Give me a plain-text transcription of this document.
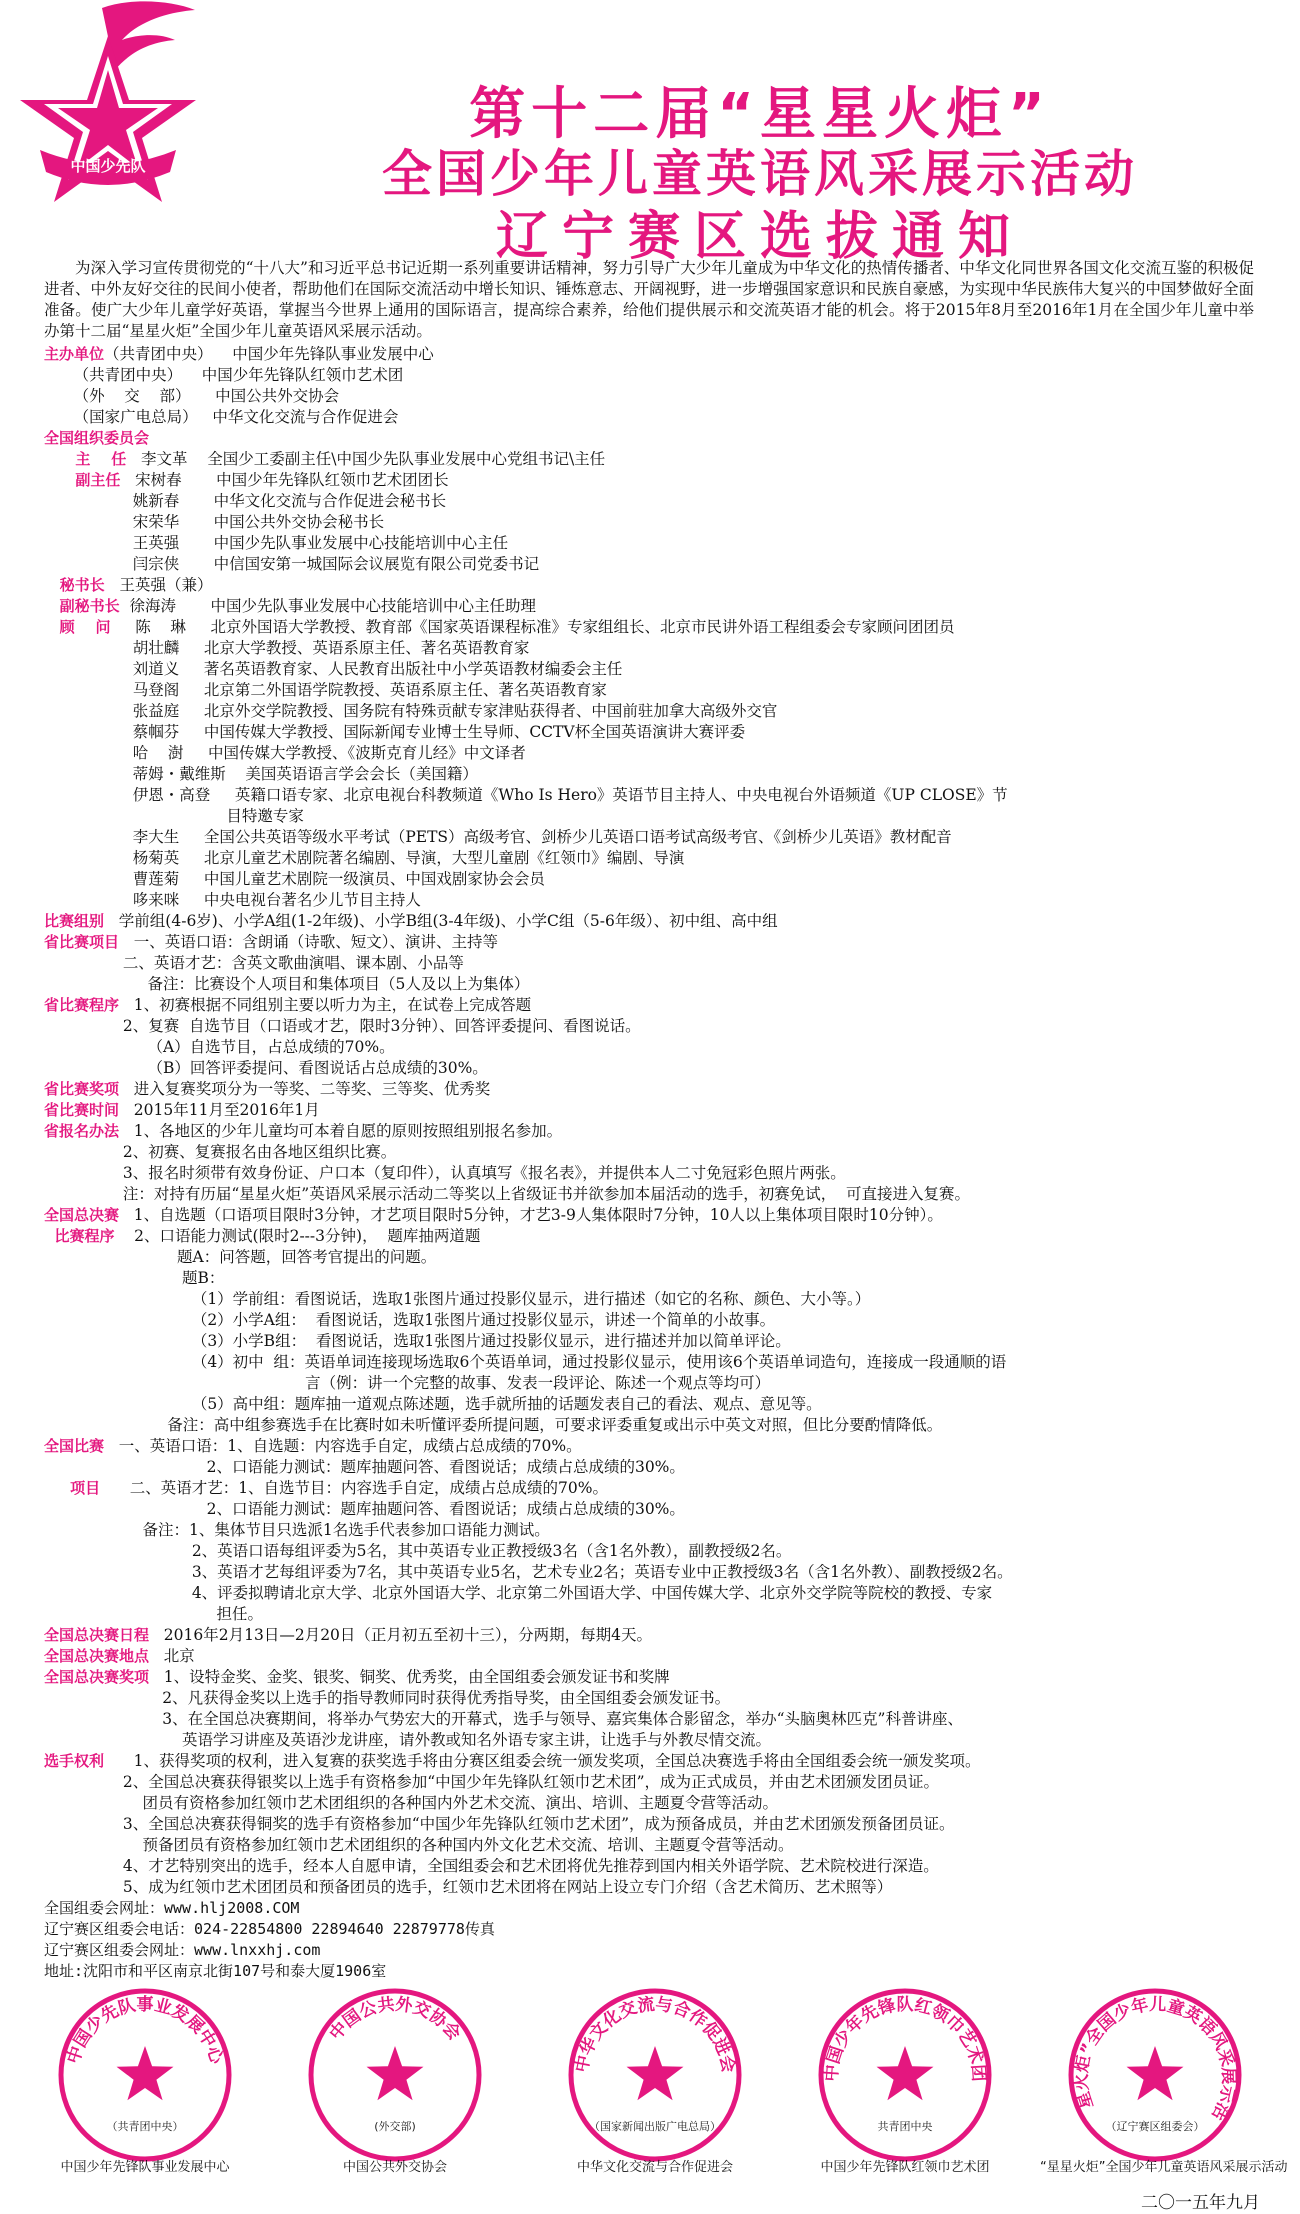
中国少先队
第十二届“星星火炬”
全国少年儿童英语风采展示活动
辽宁赛区选拔通知

为深入学习宣传贯彻党的“十八大”和习近平总书记近期一系列重要讲话精神，努力引导广大少年儿童成为中华文化的热情传播者、中华文化同世界各国文化交流互鉴的积极促进者、中外友好交往的民间小使者，帮助他们在国际交流活动中增长知识、锤炼意志、开阔视野，进一步增强国家意识和民族自豪感，为实现中华民族伟大复兴的中国梦做好全面准备。使广大少年儿童学好英语，掌握当今世界上通用的国际语言，提高综合素养，给他们提供展示和交流英语才能的机会。将于2015年8月至2016年1月在全国少年儿童中举办第十二届“星星火炬”全国少年儿童英语风采展示活动。

主办单位 （共青团中央）    中国少年先锋队事业发展中心
（共青团中央）    中国少年先锋队红领巾艺术团
（外    交    部）     中国公共外交协会
（国家广电总局）   中华文化交流与合作促进会
全国组织委员会
主    任 李文革    全国少工委副主任\中国少先队事业发展中心党组书记\主任
副主任 宋树春       中国少年先锋队红领巾艺术团团长
姚新春       中华文化交流与合作促进会秘书长
宋荣华       中国公共外交协会秘书长
王英强       中国少先队事业发展中心技能培训中心主任
闫宗侠       中信国安第一城国际会议展览有限公司党委书记
秘书长 王英强（兼）
副秘书长 徐海涛       中国少先队事业发展中心技能培训中心主任助理
顾    问 陈    琳     北京外国语大学教授、教育部《国家英语课程标准》专家组组长、北京市民讲外语工程组委会专家顾问团团员
胡壮麟     北京大学教授、英语系原主任、著名英语教育家
刘道义     著名英语教育家、人民教育出版社中小学英语教材编委会主任
马登阁     北京第二外国语学院教授、英语系原主任、著名英语教育家
张益庭     北京外交学院教授、国务院有特殊贡献专家津贴获得者、中国前驻加拿大高级外交官
蔡帼芬     中国传媒大学教授、国际新闻专业博士生导师、CCTV杯全国英语演讲大赛评委
哈    澍     中国传媒大学教授、《波斯克育儿经》中文译者
蒂姆・戴维斯    美国英语语言学会会长（美国籍）
伊恩・高登     英籍口语专家、北京电视台科教频道《Who Is Hero》英语节目主持人、中央电视台外语频道《UP CLOSE》节
目特邀专家
李大生     全国公共英语等级水平考试（PETS）高级考官、剑桥少儿英语口语考试高级考官、《剑桥少儿英语》教材配音
杨菊英     北京儿童艺术剧院著名编剧、导演，大型儿童剧《红领巾》编剧、导演
曹莲菊     中国儿童艺术剧院一级演员、中国戏剧家协会会员
哆来咪     中央电视台著名少儿节目主持人
比赛组别 学前组(4-6岁)、小学A组(1-2年级)、小学B组(3-4年级)、小学C组（5-6年级）、初中组、高中组
省比赛项目 一、英语口语：含朗诵（诗歌、短文）、演讲、主持等
二、英语才艺：含英文歌曲演唱、课本剧、小品等
备注：比赛设个人项目和集体项目（5人及以上为集体）
省比赛程序 1、初赛根据不同组别主要以听力为主，在试卷上完成答题
2、复赛  自选节目（口语或才艺，限时3分钟）、回答评委提问、看图说话。
（A）自选节目，占总成绩的70%。
（B）回答评委提问、看图说话占总成绩的30%。
省比赛奖项 进入复赛奖项分为一等奖、二等奖、三等奖、优秀奖
省比赛时间 2015年11月至2016年1月
省报名办法 1、各地区的少年儿童均可本着自愿的原则按照组别报名参加。
2、初赛、复赛报名由各地区组织比赛。
3、报名时须带有效身份证、户口本（复印件），认真填写《报名表》，并提供本人二寸免冠彩色照片两张。
注：对持有历届“星星火炬”英语风采展示活动二等奖以上省级证书并欲参加本届活动的选手，初赛免试，  可直接进入复赛。
全国总决赛 1、自选题（口语项目限时3分钟，才艺项目限时5分钟，才艺3-9人集体限时7分钟，10人以上集体项目限时10分钟）。
比赛程序 2、口语能力测试(限时2---3分钟)，  题库抽两道题
题A：问答题，回答考官提出的问题。
题B：
（1）学前组：看图说话，选取1张图片通过投影仪显示，进行描述（如它的名称、颜色、大小等。）
（2）小学A组：  看图说话，选取1张图片通过投影仪显示，讲述一个简单的小故事。
（3）小学B组：  看图说话，选取1张图片通过投影仪显示，进行描述并加以简单评论。
（4）初中  组：英语单词连接现场选取6个英语单词，通过投影仪显示，使用该6个英语单词造句，连接成一段通顺的语
言（例：讲一个完整的故事、发表一段评论、陈述一个观点等均可）
（5）高中组：题库抽一道观点陈述题，选手就所抽的话题发表自己的看法、观点、意见等。
备注：高中组参赛选手在比赛时如未听懂评委所提问题，可要求评委重复或出示中英文对照，但比分要酌情降低。
全国比赛 一、英语口语：1、自选题：内容选手自定，成绩占总成绩的70%。
2、口语能力测试：题库抽题问答、看图说话；成绩占总成绩的30%。
项目 二、英语才艺：1、自选节目：内容选手自定，成绩占总成绩的70%。
2、口语能力测试：题库抽题问答、看图说话；成绩占总成绩的30%。
备注：1、集体节目只选派1名选手代表参加口语能力测试。
2、英语口语每组评委为5名，其中英语专业正教授级3名（含1名外教），副教授级2名。
3、英语才艺每组评委为7名，其中英语专业5名，艺术专业2名；英语专业中正教授级3名（含1名外教）、副教授级2名。
4、评委拟聘请北京大学、北京外国语大学、北京第二外国语大学、中国传媒大学、北京外交学院等院校的教授、专家
担任。
全国总决赛日程 2016年2月13日—2月20日（正月初五至初十三），分两期，每期4天。
全国总决赛地点 北京
全国总决赛奖项 1、设特金奖、金奖、银奖、铜奖、优秀奖，由全国组委会颁发证书和奖牌
2、凡获得金奖以上选手的指导教师同时获得优秀指导奖，由全国组委会颁发证书。
3、在全国总决赛期间，将举办气势宏大的开幕式，选手与领导、嘉宾集体合影留念，举办“头脑奥林匹克”科普讲座、
英语学习讲座及英语沙龙讲座，请外教或知名外语专家主讲，让选手与外教尽情交流。
选手权利 1、获得奖项的权利，进入复赛的获奖选手将由分赛区组委会统一颁发奖项，全国总决赛选手将由全国组委会统一颁发奖项。
2、全国总决赛获得银奖以上选手有资格参加“中国少年先锋队红领巾艺术团”，成为正式成员，并由艺术团颁发团员证。
团员有资格参加红领巾艺术团组织的各种国内外艺术交流、演出、培训、主题夏令营等活动。
3、全国总决赛获得铜奖的选手有资格参加“中国少年先锋队红领巾艺术团”，成为预备成员，并由艺术团颁发预备团员证。
预备团员有资格参加红领巾艺术团组织的各种国内外文化艺术交流、培训、主题夏令营等活动。
4、才艺特别突出的选手，经本人自愿申请，全国组委会和艺术团将优先推荐到国内相关外语学院、艺术院校进行深造。
5、成为红领巾艺术团团员和预备团员的选手，红领巾艺术团将在网站上设立专门介绍（含艺术简历、艺术照等）
全国组委会网址：www.hlj2008.COM
辽宁赛区组委会电话：024-22854800 22894640 22879778传真
辽宁赛区组委会网址：www.lnxxhj.com
地址:沈阳市和平区南京北街107号和泰大厦1906室
中国少先队事业发展中心
（共青团中央）
中国少年先锋队事业发展中心
中国公共外交协会
(外交部)
中国公共外交协会
中华文化交流与合作促进会
（国家新闻出版广电总局）
中华文化交流与合作促进会
中国少年先锋队红领巾艺术团
共青团中央
中国少年先锋队红领巾艺术团
星火炬”全国少年儿童英语风采展示活
（辽宁赛区组委会）
“星星火炬”全国少年儿童英语风采展示活动
二〇一五年九月
